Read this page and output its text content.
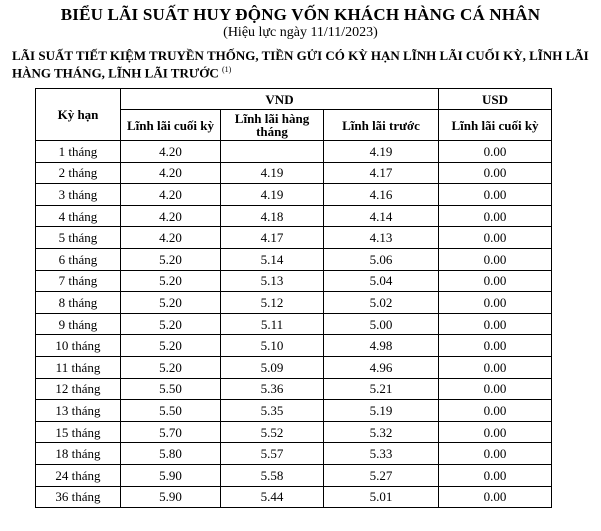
BIỂU LÃI SUẤT HUY ĐỘNG VỐN KHÁCH HÀNG CÁ NHÂN
(Hiệu lực ngày 11/11/2023)
LÃI SUẤT TIẾT KIỆM TRUYỀN THỐNG, TIỀN GỬI CÓ KỲ HẠN LĨNH LÃI CUỐI KỲ, LĨNH LÃI HÀNG THÁNG, LĨNH LÃI TRƯỚC $^{(1)}$
Kỳ hạn	VND			USD
	Lĩnh lãi cuối kỳ	Lĩnh lãi hàng tháng	Lĩnh lãi trước	Lĩnh lãi cuối kỳ
1 tháng	4.20		4.19	0.00
2 tháng	4.20	4.19	4.17	0.00
3 tháng	4.20	4.19	4.16	0.00
4 tháng	4.20	4.18	4.14	0.00
5 tháng	4.20	4.17	4.13	0.00
6 tháng	5.20	5.14	5.06	0.00
7 tháng	5.20	5.13	5.04	0.00
8 tháng	5.20	5.12	5.02	0.00
9 tháng	5.20	5.11	5.00	0.00
10 tháng	5.20	5.10	4.98	0.00
11 tháng	5.20	5.09	4.96	0.00
12 tháng	5.50	5.36	5.21	0.00
13 tháng	5.50	5.35	5.19	0.00
15 tháng	5.70	5.52	5.32	0.00
18 tháng	5.80	5.57	5.33	0.00
24 tháng	5.90	5.58	5.27	0.00
36 tháng	5.90	5.44	5.01	0.00
